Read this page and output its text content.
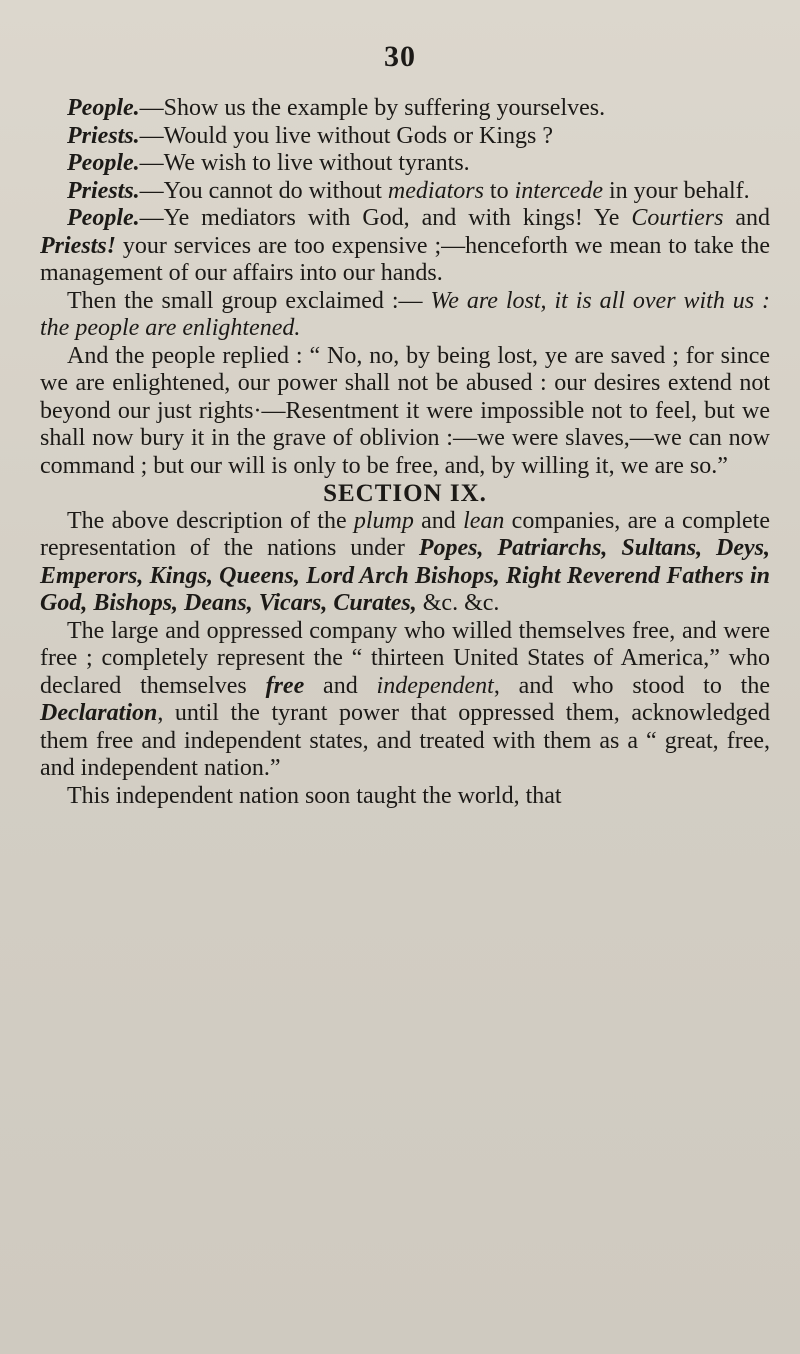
30

People.—Show us the example by suffering yourselves.

Priests.—Would you live without Gods or Kings ?

People.—We wish to live without tyrants.

Priests.—You cannot do without mediators to intercede in your behalf.

People.—Ye mediators with God, and with kings! Ye Courtiers and Priests! your services are too expensive ;—henceforth we mean to take the management of our affairs into our hands.

Then the small group exclaimed :— We are lost, it is all over with us : the people are enlightened.

And the people replied : “ No, no, by being lost, ye are saved ; for since we are enlightened, our power shall not be abused : our desires extend not beyond our just rights·—Resentment it were impossible not to feel, but we shall now bury it in the grave of oblivion :—we were slaves,—we can now command ; but our will is only to be free, and, by willing it, we are so.”

SECTION IX.

The above description of the plump and lean companies, are a complete representation of the nations under Popes, Patriarchs, Sultans, Deys, Emperors, Kings, Queens, Lord Arch Bishops, Right Reverend Fathers in God, Bishops, Deans, Vicars, Curates, &c. &c.

The large and oppressed company who willed themselves free, and were free ; completely represent the “ thirteen United States of America,” who declared themselves free and independent, and who stood to the Declaration, until the tyrant power that oppressed them, acknowledged them free and independent states, and treated with them as a “ great, free, and independent nation.”

This independent nation soon taught the world, that
